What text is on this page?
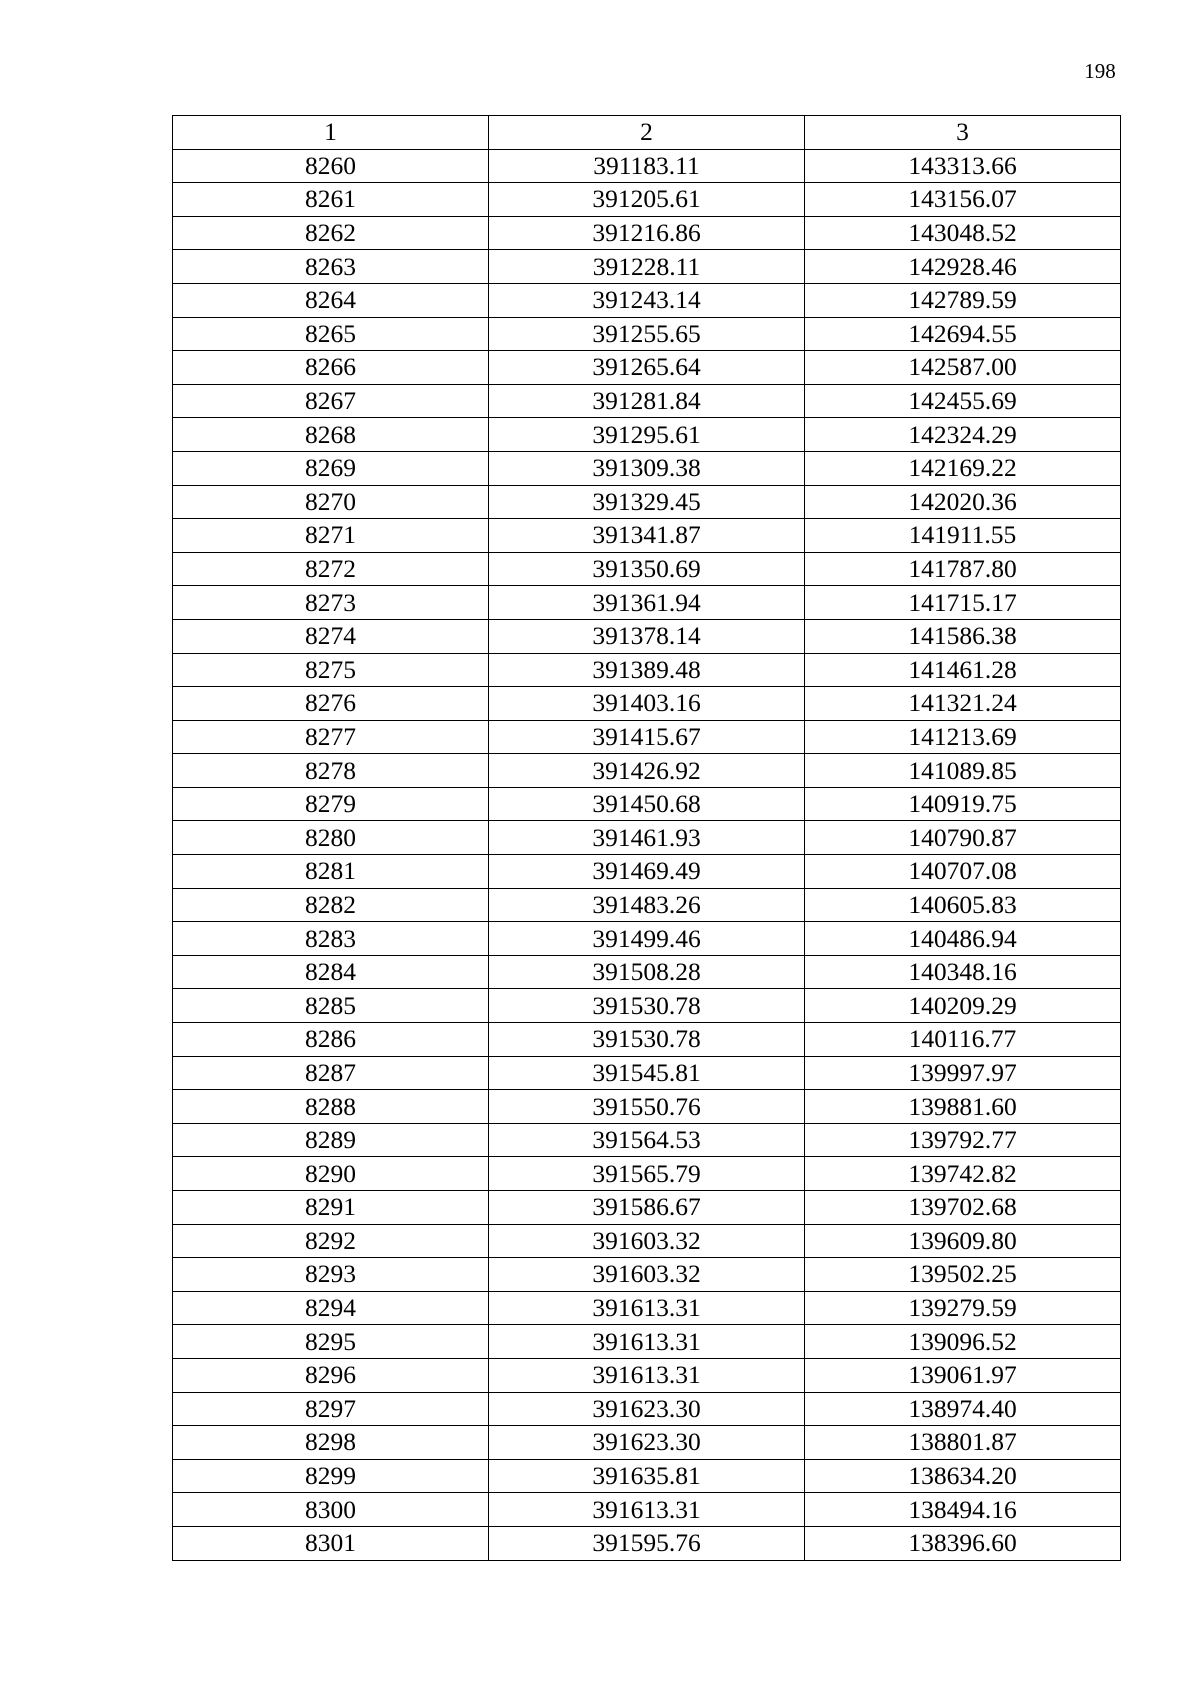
198
1	2	3
8260	391183.11	143313.66
8261	391205.61	143156.07
8262	391216.86	143048.52
8263	391228.11	142928.46
8264	391243.14	142789.59
8265	391255.65	142694.55
8266	391265.64	142587.00
8267	391281.84	142455.69
8268	391295.61	142324.29
8269	391309.38	142169.22
8270	391329.45	142020.36
8271	391341.87	141911.55
8272	391350.69	141787.80
8273	391361.94	141715.17
8274	391378.14	141586.38
8275	391389.48	141461.28
8276	391403.16	141321.24
8277	391415.67	141213.69
8278	391426.92	141089.85
8279	391450.68	140919.75
8280	391461.93	140790.87
8281	391469.49	140707.08
8282	391483.26	140605.83
8283	391499.46	140486.94
8284	391508.28	140348.16
8285	391530.78	140209.29
8286	391530.78	140116.77
8287	391545.81	139997.97
8288	391550.76	139881.60
8289	391564.53	139792.77
8290	391565.79	139742.82
8291	391586.67	139702.68
8292	391603.32	139609.80
8293	391603.32	139502.25
8294	391613.31	139279.59
8295	391613.31	139096.52
8296	391613.31	139061.97
8297	391623.30	138974.40
8298	391623.30	138801.87
8299	391635.81	138634.20
8300	391613.31	138494.16
8301	391595.76	138396.60
